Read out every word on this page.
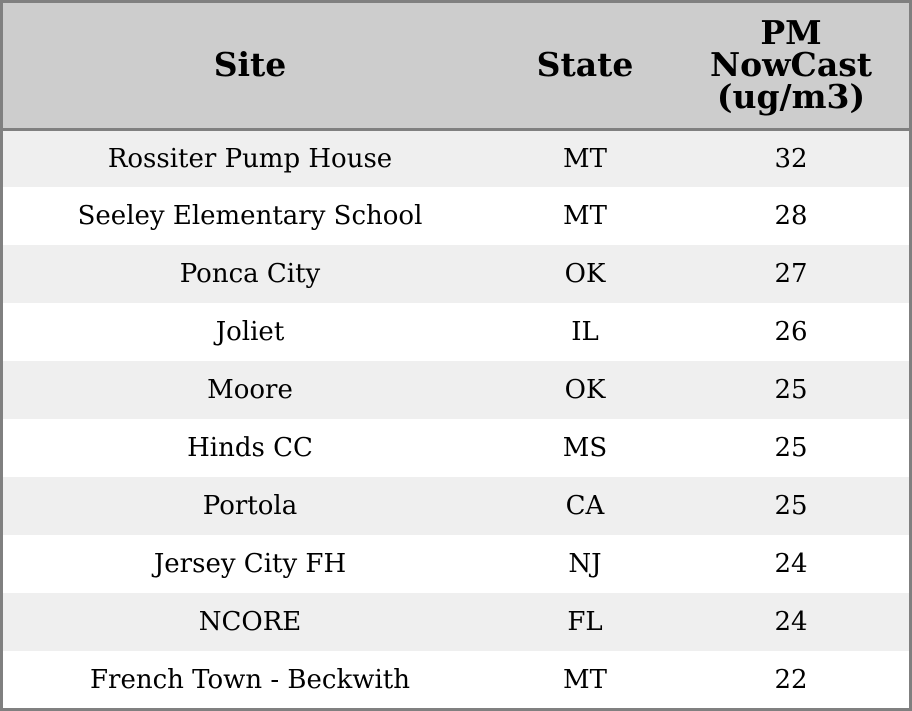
Site	State	PM
NowCast
(ug/m3)
Rossiter Pump House	MT	32
Seeley Elementary School	MT	28
Ponca City	OK	27
Joliet	IL	26
Moore	OK	25
Hinds CC	MS	25
Portola	CA	25
Jersey City FH	NJ	24
NCORE	FL	24
French Town - Beckwith	MT	22
